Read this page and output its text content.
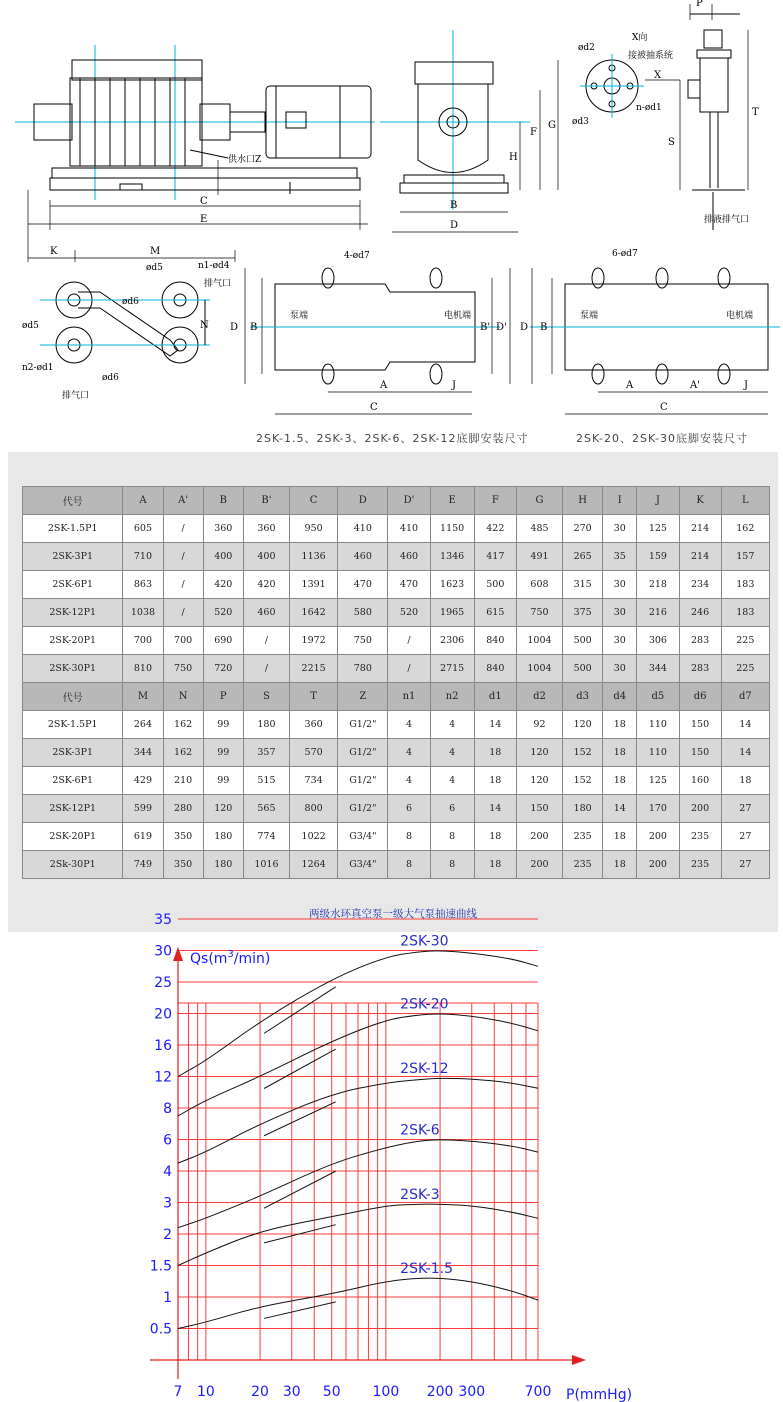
C
E
K	M
供水口Z
B
D
H
F
G
ød2
ød3
n-ød1
X向
P
X
S
T
接被抽系统
排液排气口
ød5	n1-ød4
排气口
ød6
N
ød5
n2-ød1
ød6
排气口
4-ød7
泵端	电机端
D B	B' D'
A	J
C
6-ød7
泵端	电机端
D B
A	A'	J
C
2SK-1.5、2SK-3、2SK-6、2SK-12底脚安装尺寸	2SK-20、2SK-30底脚安装尺寸
代号	A	A'	B	B'	C	D	D'	E	F	G	H	I	J	K	L
2SK-1.5P1	605	/	360	360	950	410	410	1150	422	485	270	30	125	214	162
2SK-3P1	710	/	400	400	1136	460	460	1346	417	491	265	35	159	214	157
2SK-6P1	863	/	420	420	1391	470	470	1623	500	608	315	30	218	234	183
2SK-12P1	1038	/	520	460	1642	580	520	1965	615	750	375	30	216	246	183
2SK-20P1	700	700	690	/	1972	750	/	2306	840	1004	500	30	306	283	225
2SK-30P1	810	750	720	/	2215	780	/	2715	840	1004	500	30	344	283	225
代号	M	N	P	S	T	Z	n1	n2	d1	d2	d3	d4	d5	d6	d7
2SK-1.5P1	264	162	99	180	360	G1/2"	4	4	14	92	120	18	110	150	14
2SK-3P1	344	162	99	357	570	G1/2"	4	4	18	120	152	18	110	150	14
2SK-6P1	429	210	99	515	734	G1/2"	4	4	18	120	152	18	125	160	18
2SK-12P1	599	280	120	565	800	G1/2"	6	6	14	150	180	14	170	200	27
2SK-20P1	619	350	180	774	1022	G3/4"	8	8	18	200	235	18	200	235	27
2Sk-30P1	749	350	180	1016	1264	G3/4"	8	8	18	200	235	18	200	235	27
两级水环真空泵一级大气泵抽速曲线
0.5
1
1.5
2
3
4
6
8
12
16
20
25
30
35
7 10	20 30 50 100 200 300	700 P(mmHg)
$Qs(m^3/\min)$
2SK-1.5
2SK-3
2SK-6
2SK-12
2SK-20
2SK-30
